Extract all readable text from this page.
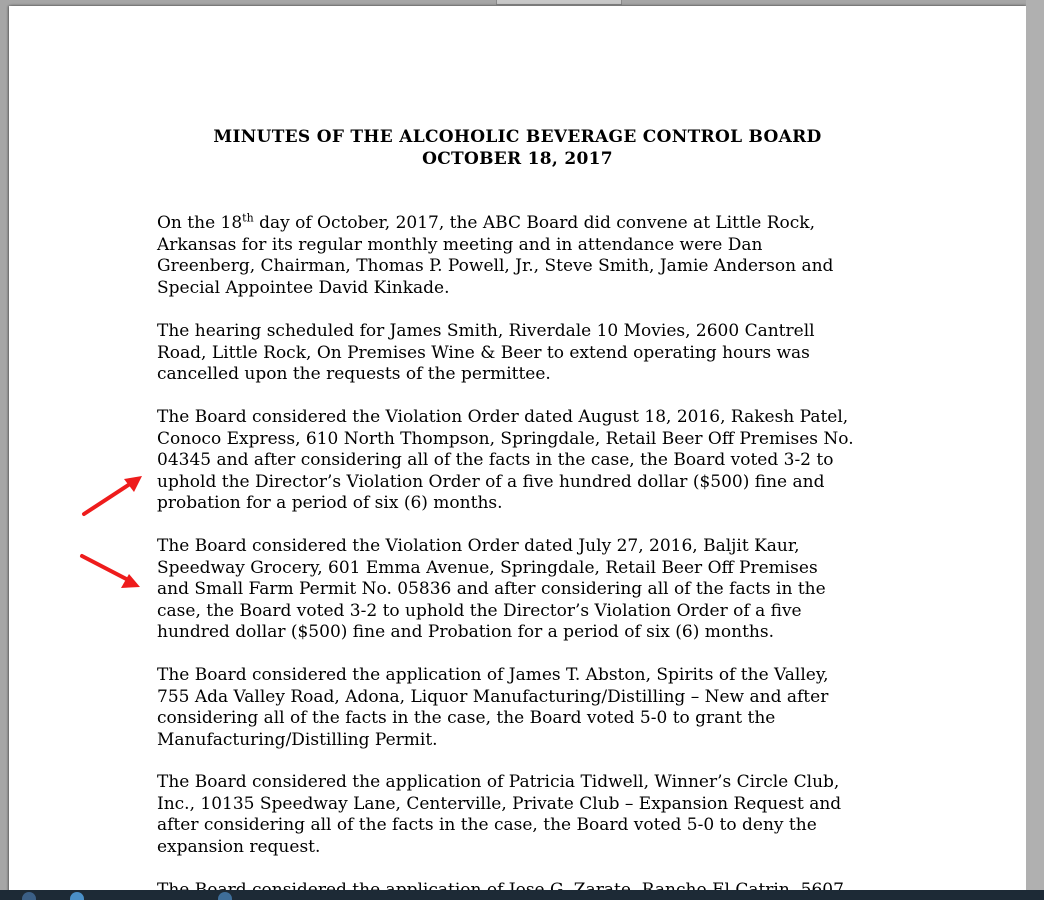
MINUTES OF THE ALCOHOLIC BEVERAGE CONTROL BOARD
OCTOBER 18, 2017
On the 18th day of October, 2017, the ABC Board did convene at Little Rock,
Arkansas for its regular monthly meeting and in attendance were Dan
Greenberg, Chairman, Thomas P. Powell, Jr., Steve Smith, Jamie Anderson and
Special Appointee David Kinkade.
The hearing scheduled for James Smith, Riverdale 10 Movies, 2600 Cantrell
Road, Little Rock, On Premises Wine & Beer to extend operating hours was
cancelled upon the requests of the permittee.
The Board considered the Violation Order dated August 18, 2016, Rakesh Patel,
Conoco Express, 610 North Thompson, Springdale, Retail Beer Off Premises No.
04345 and after considering all of the facts in the case, the Board voted 3-2 to
uphold the Director’s Violation Order of a five hundred dollar ($500) fine and
probation for a period of six (6) months.
The Board considered the Violation Order dated July 27, 2016, Baljit Kaur,
Speedway Grocery, 601 Emma Avenue, Springdale, Retail Beer Off Premises
and Small Farm Permit No. 05836 and after considering all of the facts in the
case, the Board voted 3-2 to uphold the Director’s Violation Order of a five
hundred dollar ($500) fine and Probation for a period of six (6) months.
The Board considered the application of James T. Abston, Spirits of the Valley,
755 Ada Valley Road, Adona, Liquor Manufacturing/Distilling – New and after
considering all of the facts in the case, the Board voted 5-0 to grant the
Manufacturing/Distilling Permit.
The Board considered the application of Patricia Tidwell, Winner’s Circle Club,
Inc., 10135 Speedway Lane, Centerville, Private Club – Expansion Request and
after considering all of the facts in the case, the Board voted 5-0 to deny the
expansion request.
